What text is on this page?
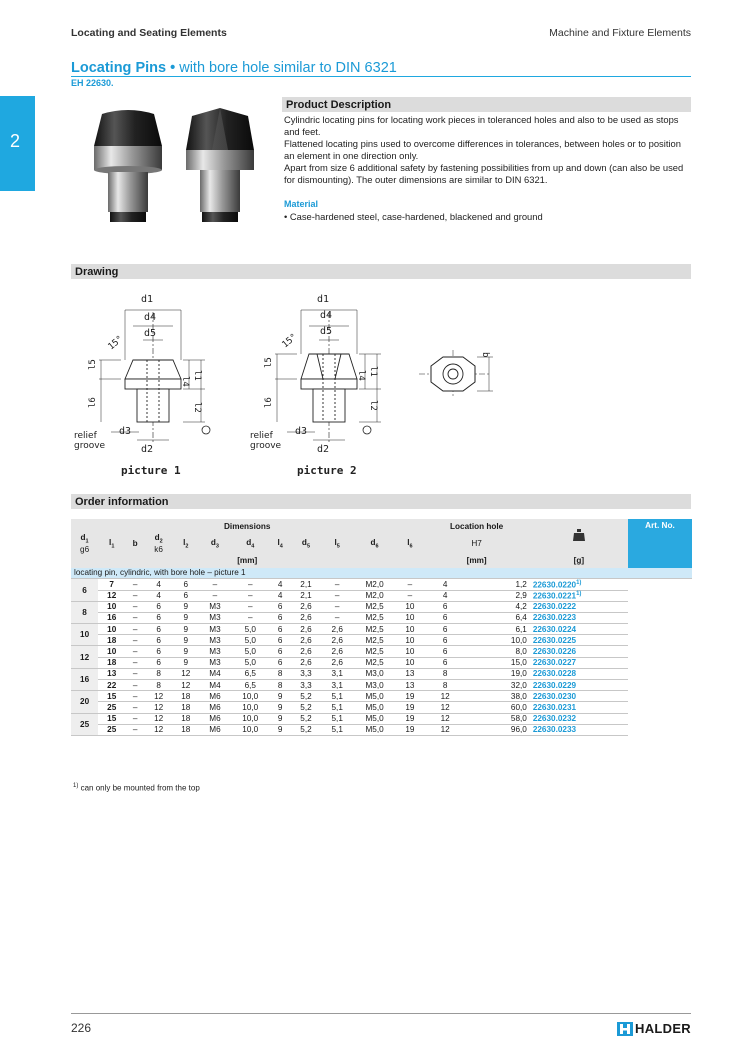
Locating and Seating Elements	Machine and Fixture Elements
2
Locating Pins • with bore hole similar to DIN 6321
EH 22630.
Product Description

Cylindric locating pins for locating work pieces in toleranced holes and also to be used as stops and feet.

Flattened locating pins used to overcome differences in tolerances, between holes or to position an element in one direction only.

Apart from size 6 additional safety by fastening possibilities from up and down (can also be used for dismounting). The outer dimensions are similar to DIN 6321.

Material
• Case-hardened steel, case-hardened, blackened and ground
Drawing
d1
d4
d5
15°
l5
l6
l4
l1
l2
d3
d2
relief
groove
picture 1
d1
d4
d5
15°
l5
l6
l4 l1
l2
d3
d2
relief
groove
picture 2
b
Order information
Dimensions												Location hole			Art. No.
$d_1$
g6	$l_1$	b	$d_2$
k6	$l_2$	$d_3$	$d_4$	$l_4$	$d_5$	$l_5$	$d_6$	$l_6$	H7			
[mm]												[mm]		[g]	
locating pin, cylindric, with bore hole – picture 1															
6	7	–	4	6	–	–	4	2,1	–	M2,0	–	4	1,2	22630.0220$^{1)}$
	12	–	4	6	–	–	4	2,1	–	M2,0	–	4	2,9	22630.0221$^{1)}$
8	10	–	6	9	M3	–	6	2,6	–	M2,5	10	6	4,2	22630.0222	
	16	–	6	9	M3	–	6	2,6	–	M2,5	10	6	6,4	22630.0223	
10	10	–	6	9	M3	5,0	6	2,6	2,6	M2,5	10	6	6,1	22630.0224	
	18	–	6	9	M3	5,0	6	2,6	2,6	M2,5	10	6	10,0	22630.0225	
12	10	–	6	9	M3	5,0	6	2,6	2,6	M2,5	10	6	8,0	22630.0226	
	18	–	6	9	M3	5,0	6	2,6	2,6	M2,5	10	6	15,0	22630.0227	
16	13	–	8	12	M4	6,5	8	3,3	3,1	M3,0	13	8	19,0	22630.0228	
	22	–	8	12	M4	6,5	8	3,3	3,1	M3,0	13	8	32,0	22630.0229	
20	15	–	12	18	M6	10,0	9	5,2	5,1	M5,0	19	12	38,0	22630.0230	
	25	–	12	18	M6	10,0	9	5,2	5,1	M5,0	19	12	60,0	22630.0231	
25	15	–	12	18	M6	10,0	9	5,2	5,1	M5,0	19	12	58,0	22630.0232	
	25	–	12	18	M6	10,0	9	5,2	5,1	M5,0	19	12	96,0	22630.0233	
$^{1)}$ can only be mounted from the top
226	HALDER
